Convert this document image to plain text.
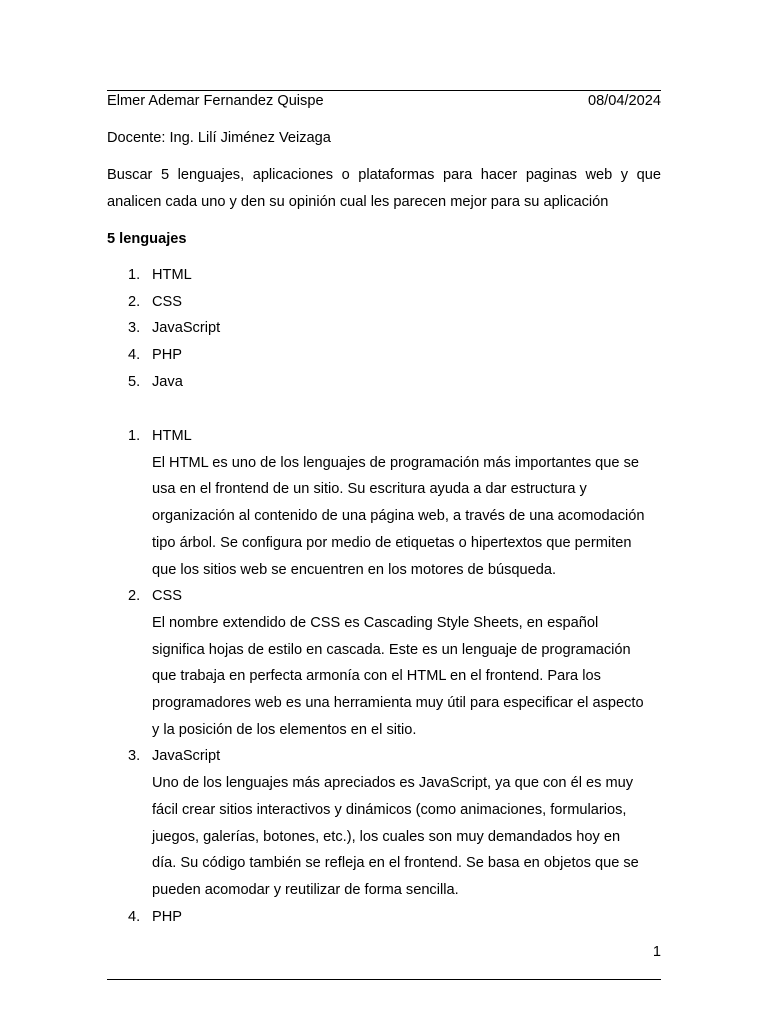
Elmer Ademar Fernandez Quispe	08/04/2024
Docente: Ing. Lilí Jiménez Veizaga

Buscar 5 lenguajes, aplicaciones o plataformas para hacer paginas web y que analicen cada uno y den su opinión cual les parecen mejor para su aplicación

5 lenguajes
1. HTML
2. CSS
3. JavaScript
4. PHP
5. Java
1. HTML
El HTML es uno de los lenguajes de programación más importantes que se
usa en el frontend de un sitio. Su escritura ayuda a dar estructura y
organización al contenido de una página web, a través de una acomodación
tipo árbol. Se configura por medio de etiquetas o hipertextos que permiten
que los sitios web se encuentren en los motores de búsqueda.
2. CSS
El nombre extendido de CSS es Cascading Style Sheets, en español
significa hojas de estilo en cascada. Este es un lenguaje de programación
que trabaja en perfecta armonía con el HTML en el frontend. Para los
programadores web es una herramienta muy útil para especificar el aspecto
y la posición de los elementos en el sitio.
3. JavaScript
Uno de los lenguajes más apreciados es JavaScript, ya que con él es muy
fácil crear sitios interactivos y dinámicos (como animaciones, formularios,
juegos, galerías, botones, etc.), los cuales son muy demandados hoy en
día. Su código también se refleja en el frontend. Se basa en objetos que se
pueden acomodar y reutilizar de forma sencilla.
4. PHP
1
